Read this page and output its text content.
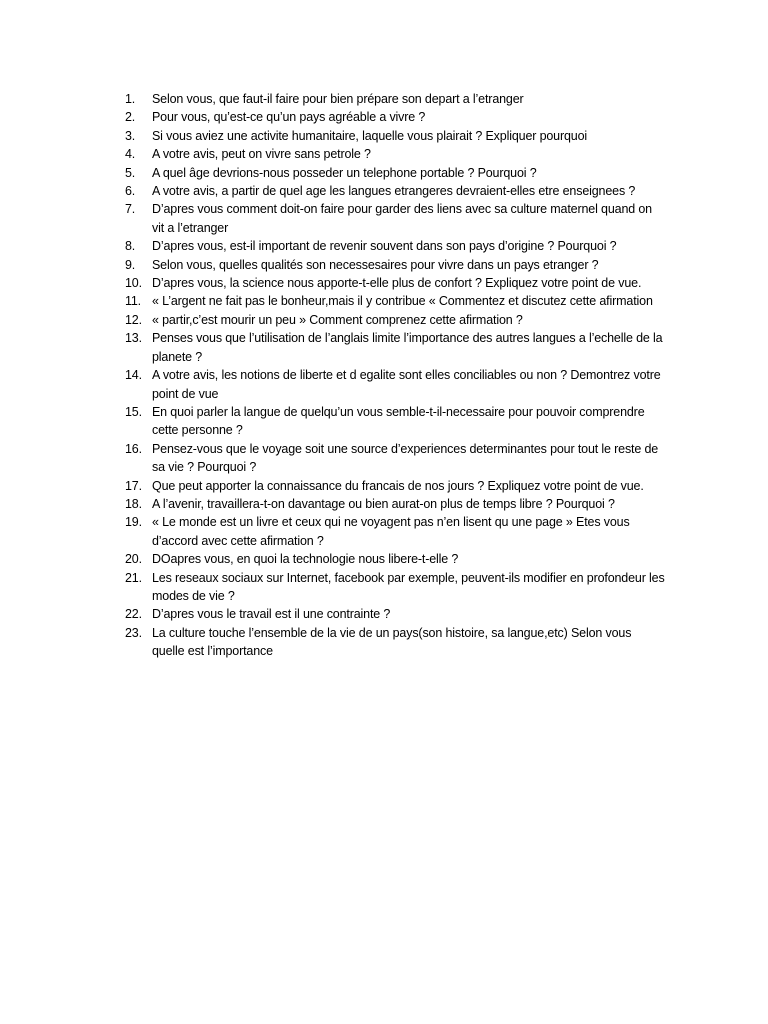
1.	Selon vous, que faut-il faire pour bien prépare son depart a l’etranger
2.	Pour vous, qu’est-ce qu’un pays agréable a vivre ?
3.	Si vous aviez une activite humanitaire, laquelle vous plairait ? Expliquer pourquoi
4.	A votre avis, peut on vivre sans petrole ?
5.	A quel âge devrions-nous posseder un telephone portable ? Pourquoi ?
6.	A votre avis, a partir de quel age les langues etrangeres devraient-elles etre enseignees ?
7.	D’apres vous comment doit-on faire pour garder des liens avec sa culture maternel quand on vit a l’etranger
8.	D’apres vous, est-il important de revenir souvent dans son pays d’origine ? Pourquoi ?
9.	Selon vous, quelles qualités son necessesaires pour vivre dans un pays etranger ?
10. D’apres vous, la science nous apporte-t-elle plus de confort ? Expliquez votre point de vue.
11. « L’argent ne fait pas le bonheur,mais il y contribue « Commentez et discutez cette afirmation
12. « partir,c’est mourir un peu » Comment comprenez cette afirmation ?
13. Penses vous que l’utilisation de l’anglais limite l’importance des autres langues a l’echelle de la planete ?
14. A votre avis, les notions de liberte et d egalite sont elles conciliables ou non ? Demontrez votre point de vue
15. En quoi parler la langue de quelqu’un vous semble-t-il-necessaire pour pouvoir comprendre cette personne ?
16. Pensez-vous que le voyage soit une source d’experiences determinantes pour tout le reste de sa vie ? Pourquoi ?
17. Que peut apporter la connaissance du francais de nos jours ? Expliquez votre point de vue.
18. A l’avenir, travaillera-t-on davantage ou bien aurat-on plus de temps libre ? Pourquoi ?
19. « Le monde est un livre et ceux qui ne voyagent pas n’en lisent qu une page » Etes vous d’accord avec cette afirmation ?
20. DOapres vous, en quoi la technologie nous libere-t-elle ?
21. Les reseaux sociaux sur Internet, facebook par exemple, peuvent-ils modifier en profondeur les modes de vie ?
22. D’apres vous le travail est il une contrainte ?
23. La culture touche l’ensemble de la vie de un pays(son histoire, sa langue,etc) Selon vous quelle est l’importance
